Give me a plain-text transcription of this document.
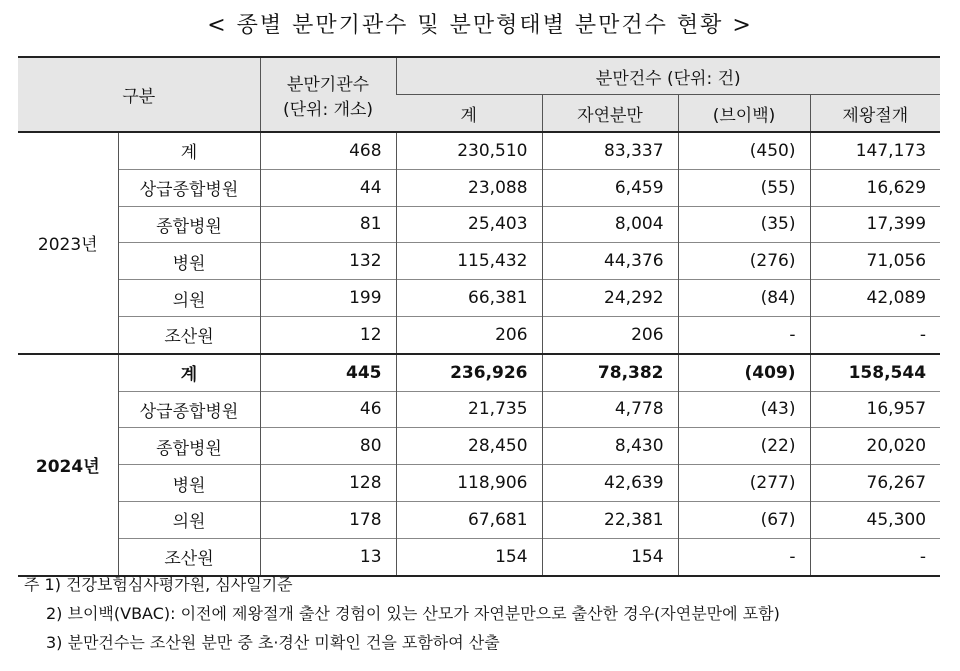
< 종별 분만기관수 및 분만형태별 분만건수 현황 >
구분		분만기관수
(단위: 개소)	분만건수 (단위: 건)			
			계	자연분만	(브이백)	제왕절개
2023년	계	468	230,510	83,337	(450)	147,173
	상급종합병원	44	23,088	6,459	(55)	16,629
	종합병원	81	25,403	8,004	(35)	17,399
	병원	132	115,432	44,376	(276)	71,056
	의원	199	66,381	24,292	(84)	42,089
	조산원	12	206	206	-	-
2024년	계	445	236,926	78,382	(409)	158,544
	상급종합병원	46	21,735	4,778	(43)	16,957
	종합병원	80	28,450	8,430	(22)	20,020
	병원	128	118,906	42,639	(277)	76,267
	의원	178	67,681	22,381	(67)	45,300
	조산원	13	154	154	-	-
주 1) 건강보험심사평가원, 심사일기준
2) 브이백(VBAC): 이전에 제왕절개 출산 경험이 있는 산모가 자연분만으로 출산한 경우(자연분만에 포함)
3) 분만건수는 조산원 분만 중 초·경산 미확인 건을 포함하여 산출
